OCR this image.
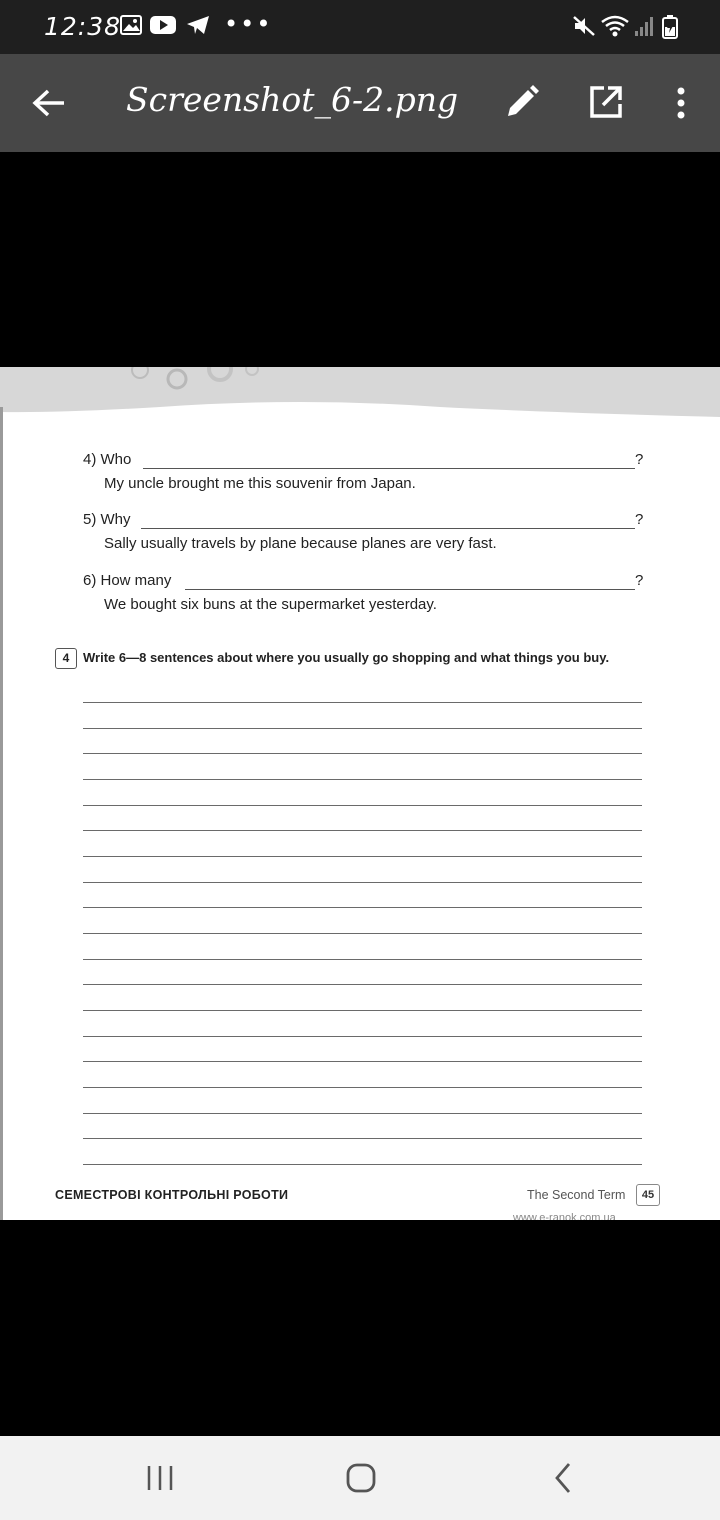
12:38	•••
Screenshot_6-2.png
4) Who	?
My uncle brought me this souvenir from Japan.
5) Why	?
Sally usually travels by plane because planes are very fast.
6) How many	?
We bought six buns at the supermarket yesterday.
4	Write 6—8 sentences about where you usually go shopping and what things you buy.
СЕМЕСТРОВІ КОНТРОЛЬНІ РОБОТИ	The Second Term	45
www.e-ranok.com.ua
